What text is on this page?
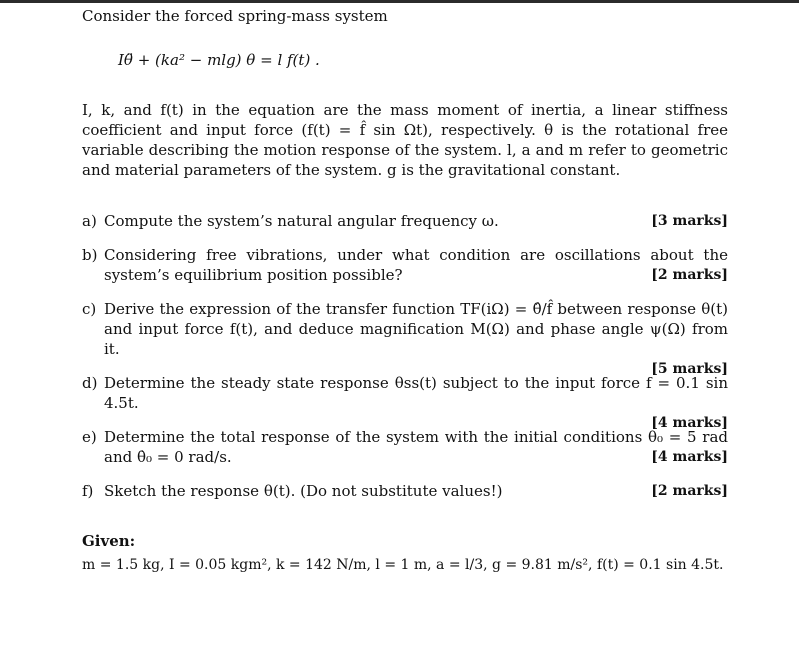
Consider the forced spring-mass system
Iθ̈ + (ka² − mlg) θ = l f(t) .

I, k, and f(t) in the equation are the mass moment of inertia, a linear stiffness coefficient and input force (f(t) = f̂ sin Ωt), respectively. θ is the rotational free variable describing the motion response of the system. l, a and m refer to geometric and material parameters of the system. g is the gravitational constant.

a) Compute the system’s natural angular frequency ω.	[3 marks]
b) Considering free vibrations, under what condition are oscillations about the system’s equilibrium position possible?	[2 marks]
c) Derive the expression of the transfer function TF(iΩ) = θ̂/f̂ between response θ(t) and input force f(t), and deduce magnification M(Ω) and phase angle ψ(Ω) from it.
[5 marks]
d) Determine the steady state response θss(t) subject to the input force f = 0.1 sin 4.5t.
[4 marks]
e) Determine the total response of the system with the initial conditions θ₀ = 5 rad and θ̇₀ = 0 rad/s.	[4 marks]
f) Sketch the response θ(t). (Do not substitute values!)	[2 marks]
Given:
m = 1.5 kg, I = 0.05 kgm², k = 142 N/m, l = 1 m, a = l/3, g = 9.81 m/s², f(t) = 0.1 sin 4.5t.
